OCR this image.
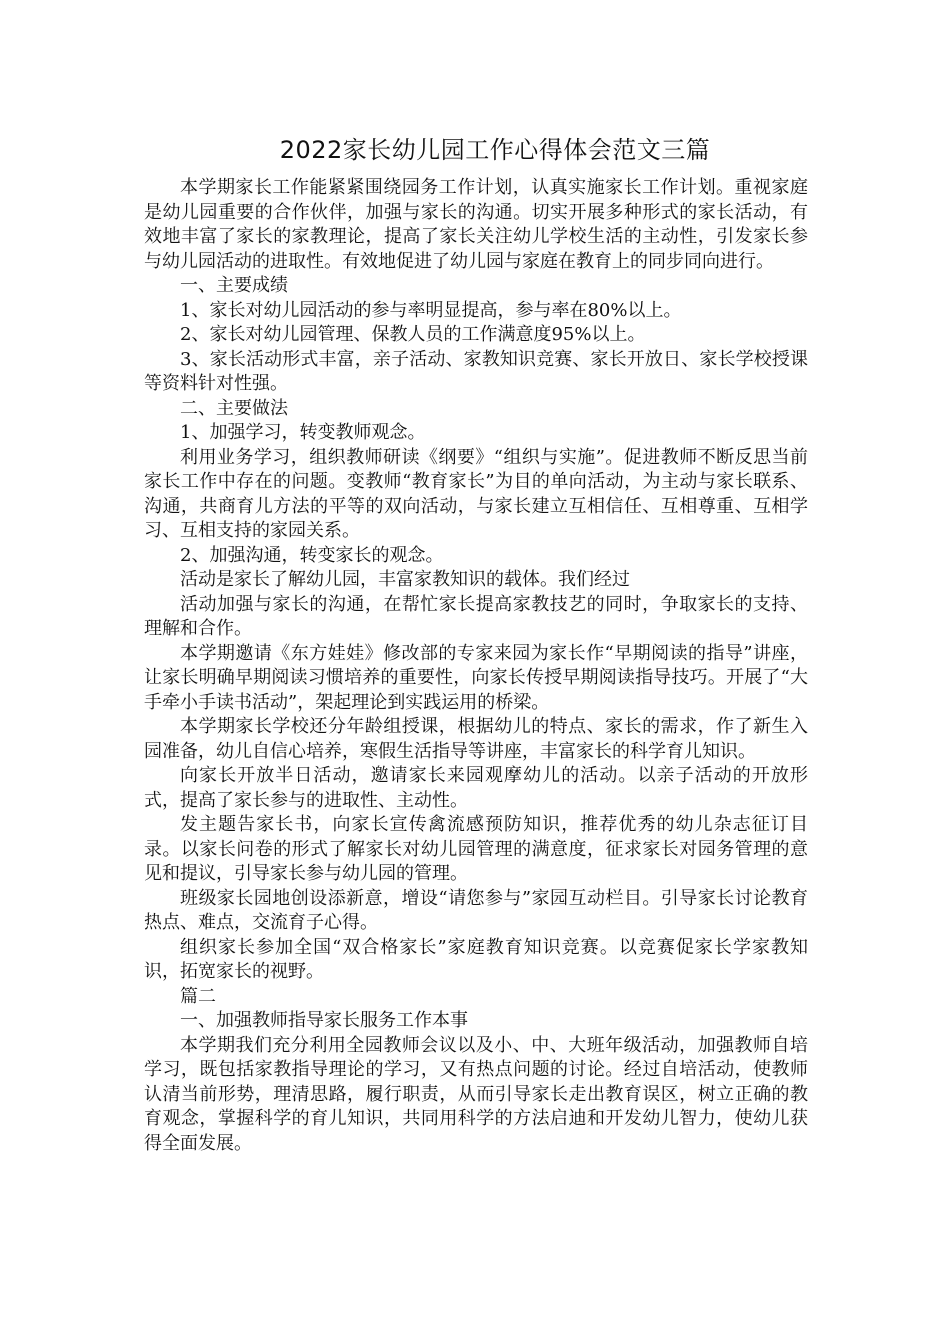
2022家长幼儿园工作心得体会范文三篇

本学期家长工作能紧紧围绕园务工作计划，认真实施家长工作计划。重视家庭是幼儿园重要的合作伙伴，加强与家长的沟通。切实开展多种形式的家长活动，有效地丰富了家长的家教理论，提高了家长关注幼儿学校生活的主动性，引发家长参与幼儿园活动的进取性。有效地促进了幼儿园与家庭在教育上的同步同向进行。

一、主要成绩

1、家长对幼儿园活动的参与率明显提高，参与率在80%以上。

2、家长对幼儿园管理、保教人员的工作满意度95%以上。

3、家长活动形式丰富，亲子活动、家教知识竞赛、家长开放日、家长学校授课等资料针对性强。

二、主要做法

1、加强学习，转变教师观念。

利用业务学习，组织教师研读《纲要》“组织与实施”。促进教师不断反思当前家长工作中存在的问题。变教师“教育家长”为目的单向活动，为主动与家长联系、沟通，共商育儿方法的平等的双向活动，与家长建立互相信任、互相尊重、互相学习、互相支持的家园关系。

2、加强沟通，转变家长的观念。

活动是家长了解幼儿园，丰富家教知识的载体。我们经过

活动加强与家长的沟通，在帮忙家长提高家教技艺的同时，争取家长的支持、理解和合作。

本学期邀请《东方娃娃》修改部的专家来园为家长作“早期阅读的指导”讲座，让家长明确早期阅读习惯培养的重要性，向家长传授早期阅读指导技巧。开展了“大手牵小手读书活动”，架起理论到实践运用的桥梁。

本学期家长学校还分年龄组授课，根据幼儿的特点、家长的需求，作了新生入园准备，幼儿自信心培养，寒假生活指导等讲座，丰富家长的科学育儿知识。

向家长开放半日活动，邀请家长来园观摩幼儿的活动。以亲子活动的开放形式，提高了家长参与的进取性、主动性。

发主题告家长书，向家长宣传禽流感预防知识，推荐优秀的幼儿杂志征订目录。以家长问卷的形式了解家长对幼儿园管理的满意度，征求家长对园务管理的意见和提议，引导家长参与幼儿园的管理。

班级家长园地创设添新意，增设“请您参与”家园互动栏目。引导家长讨论教育热点、难点，交流育子心得。

组织家长参加全国“双合格家长”家庭教育知识竞赛。以竞赛促家长学家教知识，拓宽家长的视野。

篇二

一、加强教师指导家长服务工作本事

本学期我们充分利用全园教师会议以及小、中、大班年级活动，加强教师自培学习，既包括家教指导理论的学习，又有热点问题的讨论。经过自培活动，使教师认清当前形势，理清思路，履行职责，从而引导家长走出教育误区，树立正确的教育观念，掌握科学的育儿知识，共同用科学的方法启迪和开发幼儿智力，使幼儿获得全面发展。
